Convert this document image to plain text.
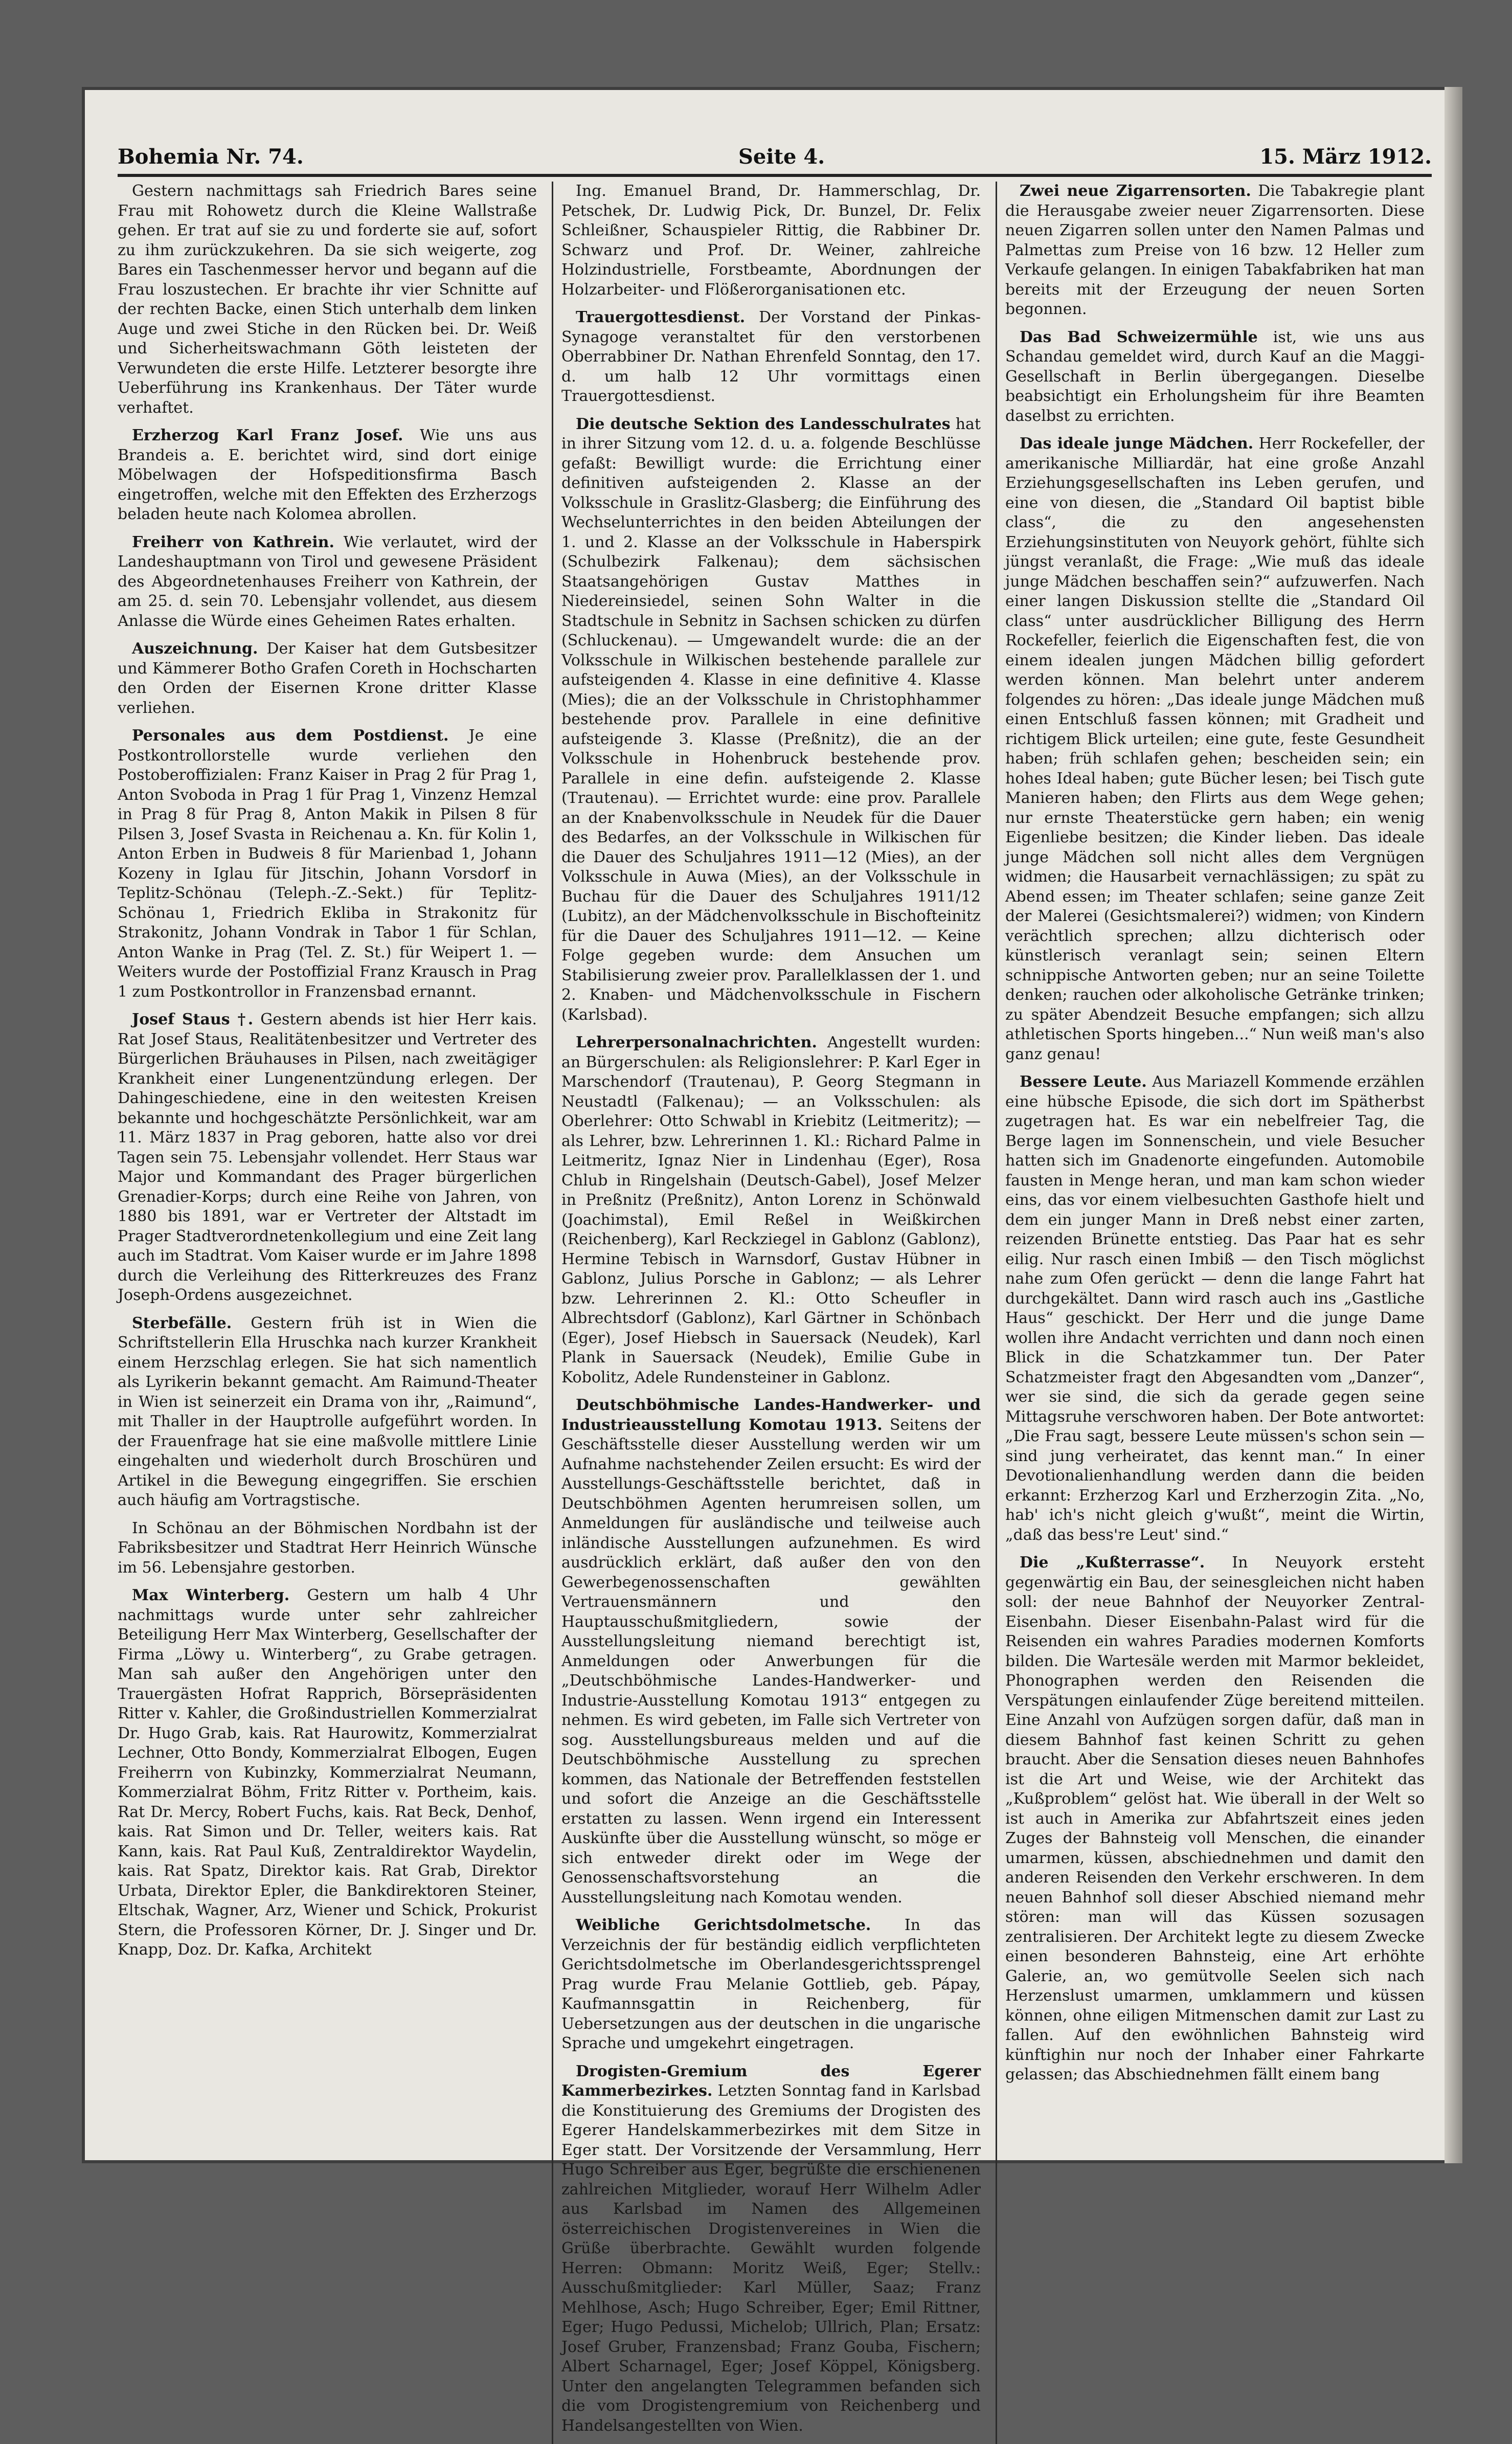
Bohemia Nr. 74.	Seite 4.	15. März 1912.

Gestern nachmittags sah Friedrich Bares seine Frau mit Rohowetz durch die Kleine Wallstraße gehen. Er trat auf sie zu und forderte sie auf, sofort zu ihm zurückzukehren. Da sie sich weigerte, zog Bares ein Taschenmesser hervor und begann auf die Frau loszustechen. Er brachte ihr vier Schnitte auf der rechten Backe, einen Stich unterhalb dem linken Auge und zwei Stiche in den Rücken bei. Dr. Weiß und Sicherheitswachmann Göth leisteten der Verwundeten die erste Hilfe. Letzterer besorgte ihre Ueberführung ins Krankenhaus. Der Täter wurde verhaftet.

Erzherzog Karl Franz Josef. Wie uns aus Brandeis a. E. berichtet wird, sind dort einige Möbelwagen der Hofspeditionsfirma Basch eingetroffen, welche mit den Effekten des Erzherzogs beladen heute nach Kolomea abrollen.

Freiherr von Kathrein. Wie verlautet, wird der Landeshauptmann von Tirol und gewesene Präsident des Abgeordnetenhauses Freiherr von Kathrein, der am 25. d. sein 70. Lebensjahr vollendet, aus diesem Anlasse die Würde eines Geheimen Rates erhalten.

Auszeichnung. Der Kaiser hat dem Gutsbesitzer und Kämmerer Botho Grafen Coreth in Hochscharten den Orden der Eisernen Krone dritter Klasse verliehen.

Personales aus dem Postdienst. Je eine Postkontrollorstelle wurde verliehen den Postoberoffizialen: Franz Kaiser in Prag 2 für Prag 1, Anton Svoboda in Prag 1 für Prag 1, Vinzenz Hemzal in Prag 8 für Prag 8, Anton Makik in Pilsen 8 für Pilsen 3, Josef Svasta in Reichenau a. Kn. für Kolin 1, Anton Erben in Budweis 8 für Marienbad 1, Johann Kozeny in Iglau für Jitschin, Johann Vorsdorf in Teplitz-Schönau (Teleph.-Z.-Sekt.) für Teplitz-Schönau 1, Friedrich Ekliba in Strakonitz für Strakonitz, Johann Vondrak in Tabor 1 für Schlan, Anton Wanke in Prag (Tel. Z. St.) für Weipert 1. — Weiters wurde der Postoffizial Franz Krausch in Prag 1 zum Postkontrollor in Franzensbad ernannt.

Josef Staus †. Gestern abends ist hier Herr kais. Rat Josef Staus, Realitätenbesitzer und Vertreter des Bürgerlichen Bräuhauses in Pilsen, nach zweitägiger Krankheit einer Lungenentzündung erlegen. Der Dahingeschiedene, eine in den weitesten Kreisen bekannte und hochgeschätzte Persönlichkeit, war am 11. März 1837 in Prag geboren, hatte also vor drei Tagen sein 75. Lebensjahr vollendet. Herr Staus war Major und Kommandant des Prager bürgerlichen Grenadier-Korps; durch eine Reihe von Jahren, von 1880 bis 1891, war er Vertreter der Altstadt im Prager Stadtverordnetenkollegium und eine Zeit lang auch im Stadtrat. Vom Kaiser wurde er im Jahre 1898 durch die Verleihung des Ritterkreuzes des Franz Joseph-Ordens ausgezeichnet.

Sterbefälle. Gestern früh ist in Wien die Schriftstellerin Ella Hruschka nach kurzer Krankheit einem Herzschlag erlegen. Sie hat sich namentlich als Lyrikerin bekannt gemacht. Am Raimund-Theater in Wien ist seinerzeit ein Drama von ihr, „Raimund“, mit Thaller in der Hauptrolle aufgeführt worden. In der Frauenfrage hat sie eine maßvolle mittlere Linie eingehalten und wiederholt durch Broschüren und Artikel in die Bewegung eingegriffen. Sie erschien auch häufig am Vortragstische.

In Schönau an der Böhmischen Nordbahn ist der Fabriksbesitzer und Stadtrat Herr Heinrich Wünsche im 56. Lebensjahre gestorben.

Max Winterberg. Gestern um halb 4 Uhr nachmittags wurde unter sehr zahlreicher Beteiligung Herr Max Winterberg, Gesellschafter der Firma „Löwy u. Winterberg“, zu Grabe getragen. Man sah außer den Angehörigen unter den Trauergästen Hofrat Rapprich, Börsepräsidenten Ritter v. Kahler, die Großindustriellen Kommerzialrat Dr. Hugo Grab, kais. Rat Haurowitz, Kommerzialrat Lechner, Otto Bondy, Kommerzialrat Elbogen, Eugen Freiherrn von Kubinzky, Kommerzialrat Neumann, Kommerzialrat Böhm, Fritz Ritter v. Portheim, kais. Rat Dr. Mercy, Robert Fuchs, kais. Rat Beck, Denhof, kais. Rat Simon und Dr. Teller, weiters kais. Rat Kann, kais. Rat Paul Kuß, Zentraldirektor Waydelin, kais. Rat Spatz, Direktor kais. Rat Grab, Direktor Urbata, Direktor Epler, die Bankdirektoren Steiner, Eltschak, Wagner, Arz, Wiener und Schick, Prokurist Stern, die Professoren Körner, Dr. J. Singer und Dr. Knapp, Doz. Dr. Kafka, Architekt

Ing. Emanuel Brand, Dr. Hammerschlag, Dr. Petschek, Dr. Ludwig Pick, Dr. Bunzel, Dr. Felix Schleißner, Schauspieler Rittig, die Rabbiner Dr. Schwarz und Prof. Dr. Weiner, zahlreiche Holzindustrielle, Forstbeamte, Abordnungen der Holzarbeiter- und Flößerorganisationen etc.

Trauergottesdienst. Der Vorstand der Pinkas-Synagoge veranstaltet für den verstorbenen Oberrabbiner Dr. Nathan Ehrenfeld Sonntag, den 17. d. um halb 12 Uhr vormittags einen Trauergottesdienst.

Die deutsche Sektion des Landesschulrates hat in ihrer Sitzung vom 12. d. u. a. folgende Beschlüsse gefaßt: Bewilligt wurde: die Errichtung einer definitiven aufsteigenden 2. Klasse an der Volksschule in Graslitz-Glasberg; die Einführung des Wechselunterrichtes in den beiden Abteilungen der 1. und 2. Klasse an der Volksschule in Haberspirk (Schulbezirk Falkenau); dem sächsischen Staatsangehörigen Gustav Matthes in Niedereinsiedel, seinen Sohn Walter in die Stadtschule in Sebnitz in Sachsen schicken zu dürfen (Schluckenau). — Umgewandelt wurde: die an der Volksschule in Wilkischen bestehende parallele zur aufsteigenden 4. Klasse in eine definitive 4. Klasse (Mies); die an der Volksschule in Christophhammer bestehende prov. Parallele in eine definitive aufsteigende 3. Klasse (Preßnitz), die an der Volksschule in Hohenbruck bestehende prov. Parallele in eine defin. aufsteigende 2. Klasse (Trautenau). — Errichtet wurde: eine prov. Parallele an der Knabenvolksschule in Neudek für die Dauer des Bedarfes, an der Volksschule in Wilkischen für die Dauer des Schuljahres 1911—12 (Mies), an der Volksschule in Auwa (Mies), an der Volksschule in Buchau für die Dauer des Schuljahres 1911/12 (Lubitz), an der Mädchenvolksschule in Bischofteinitz für die Dauer des Schuljahres 1911—12. — Keine Folge gegeben wurde: dem Ansuchen um Stabilisierung zweier prov. Parallelklassen der 1. und 2. Knaben- und Mädchenvolksschule in Fischern (Karlsbad).

Lehrerpersonalnachrichten. Angestellt wurden: an Bürgerschulen: als Religionslehrer: P. Karl Eger in Marschendorf (Trautenau), P. Georg Stegmann in Neustadtl (Falkenau); — an Volksschulen: als Oberlehrer: Otto Schwabl in Kriebitz (Leitmeritz); — als Lehrer, bzw. Lehrerinnen 1. Kl.: Richard Palme in Leitmeritz, Ignaz Nier in Lindenhau (Eger), Rosa Chlub in Ringelshain (Deutsch-Gabel), Josef Melzer in Preßnitz (Preßnitz), Anton Lorenz in Schönwald (Joachimstal), Emil Reßel in Weißkirchen (Reichenberg), Karl Reckziegel in Gablonz (Gablonz), Hermine Tebisch in Warnsdorf, Gustav Hübner in Gablonz, Julius Porsche in Gablonz; — als Lehrer bzw. Lehrerinnen 2. Kl.: Otto Scheufler in Albrechtsdorf (Gablonz), Karl Gärtner in Schönbach (Eger), Josef Hiebsch in Sauersack (Neudek), Karl Plank in Sauersack (Neudek), Emilie Gube in Kobolitz, Adele Rundensteiner in Gablonz.

Deutschböhmische Landes-Handwerker- und Industrieausstellung Komotau 1913. Seitens der Geschäftsstelle dieser Ausstellung werden wir um Aufnahme nachstehender Zeilen ersucht: Es wird der Ausstellungs-Geschäftsstelle berichtet, daß in Deutschböhmen Agenten herumreisen sollen, um Anmeldungen für ausländische und teilweise auch inländische Ausstellungen aufzunehmen. Es wird ausdrücklich erklärt, daß außer den von den Gewerbegenossenschaften gewählten Vertrauensmännern und den Hauptausschußmitgliedern, sowie der Ausstellungsleitung niemand berechtigt ist, Anmeldungen oder Anwerbungen für die „Deutschböhmische Landes-Handwerker- und Industrie-Ausstellung Komotau 1913“ entgegen zu nehmen. Es wird gebeten, im Falle sich Vertreter von sog. Ausstellungsbureaus melden und auf die Deutschböhmische Ausstellung zu sprechen kommen, das Nationale der Betreffenden feststellen und sofort die Anzeige an die Geschäftsstelle erstatten zu lassen. Wenn irgend ein Interessent Auskünfte über die Ausstellung wünscht, so möge er sich entweder direkt oder im Wege der Genossenschaftsvorstehung an die Ausstellungsleitung nach Komotau wenden.

Weibliche Gerichtsdolmetsche. In das Verzeichnis der für beständig eidlich verpflichteten Gerichtsdolmetsche im Oberlandesgerichtssprengel Prag wurde Frau Melanie Gottlieb, geb. Pápay, Kaufmannsgattin in Reichenberg, für Uebersetzungen aus der deutschen in die ungarische Sprache und umgekehrt eingetragen.

Drogisten-Gremium des Egerer Kammerbezirkes. Letzten Sonntag fand in Karlsbad die Konstituierung des Gremiums der Drogisten des Egerer Handelskammerbezirkes mit dem Sitze in Eger statt. Der Vorsitzende der Versammlung, Herr Hugo Schreiber aus Eger, begrüßte die erschienenen zahlreichen Mitglieder, worauf Herr Wilhelm Adler aus Karlsbad im Namen des Allgemeinen österreichischen Drogistenvereines in Wien die Grüße überbrachte. Gewählt wurden folgende Herren: Obmann: Moritz Weiß, Eger; Stellv.: Ausschußmitglieder: Karl Müller, Saaz; Franz Mehlhose, Asch; Hugo Schreiber, Eger; Emil Rittner, Eger; Hugo Pedussi, Michelob; Ullrich, Plan; Ersatz: Josef Gruber, Franzensbad; Franz Gouba, Fischern; Albert Scharnagel, Eger; Josef Köppel, Königsberg. Unter den angelangten Telegrammen befanden sich die vom Drogistengremium von Reichenberg und Handelsangestellten von Wien.

Zwei neue Zigarrensorten. Die Tabakregie plant die Herausgabe zweier neuer Zigarrensorten. Diese neuen Zigarren sollen unter den Namen Palmas und Palmettas zum Preise von 16 bzw. 12 Heller zum Verkaufe gelangen. In einigen Tabakfabriken hat man bereits mit der Erzeugung der neuen Sorten begonnen.

Das Bad Schweizermühle ist, wie uns aus Schandau gemeldet wird, durch Kauf an die Maggi-Gesellschaft in Berlin übergegangen. Dieselbe beabsichtigt ein Erholungsheim für ihre Beamten daselbst zu errichten.

Das ideale junge Mädchen. Herr Rockefeller, der amerikanische Milliardär, hat eine große Anzahl Erziehungsgesellschaften ins Leben gerufen, und eine von diesen, die „Standard Oil baptist bible class“, die zu den angesehensten Erziehungsinstituten von Neuyork gehört, fühlte sich jüngst veranlaßt, die Frage: „Wie muß das ideale junge Mädchen beschaffen sein?“ aufzuwerfen. Nach einer langen Diskussion stellte die „Standard Oil class“ unter ausdrücklicher Billigung des Herrn Rockefeller, feierlich die Eigenschaften fest, die von einem idealen jungen Mädchen billig gefordert werden können. Man belehrt unter anderem folgendes zu hören: „Das ideale junge Mädchen muß einen Entschluß fassen können; mit Gradheit und richtigem Blick urteilen; eine gute, feste Gesundheit haben; früh schlafen gehen; bescheiden sein; ein hohes Ideal haben; gute Bücher lesen; bei Tisch gute Manieren haben; den Flirts aus dem Wege gehen; nur ernste Theaterstücke gern haben; ein wenig Eigenliebe besitzen; die Kinder lieben. Das ideale junge Mädchen soll nicht alles dem Vergnügen widmen; die Hausarbeit vernachlässigen; zu spät zu Abend essen; im Theater schlafen; seine ganze Zeit der Malerei (Gesichtsmalerei?) widmen; von Kindern verächtlich sprechen; allzu dichterisch oder künstlerisch veranlagt sein; seinen Eltern schnippische Antworten geben; nur an seine Toilette denken; rauchen oder alkoholische Getränke trinken; zu später Abendzeit Besuche empfangen; sich allzu athletischen Sports hingeben...“ Nun weiß man's also ganz genau!

Bessere Leute. Aus Mariazell Kommende erzählen eine hübsche Episode, die sich dort im Spätherbst zugetragen hat. Es war ein nebelfreier Tag, die Berge lagen im Sonnenschein, und viele Besucher hatten sich im Gnadenorte eingefunden. Automobile fausten in Menge heran, und man kam schon wieder eins, das vor einem vielbesuchten Gasthofe hielt und dem ein junger Mann in Dreß nebst einer zarten, reizenden Brünette entstieg. Das Paar hat es sehr eilig. Nur rasch einen Imbiß — den Tisch möglichst nahe zum Ofen gerückt — denn die lange Fahrt hat durchgekältet. Dann wird rasch auch ins „Gastliche Haus“ geschickt. Der Herr und die junge Dame wollen ihre Andacht verrichten und dann noch einen Blick in die Schatzkammer tun. Der Pater Schatzmeister fragt den Abgesandten vom „Danzer“, wer sie sind, die sich da gerade gegen seine Mittagsruhe verschworen haben. Der Bote antwortet: „Die Frau sagt, bessere Leute müssen's schon sein — sind jung verheiratet, das kennt man.“ In einer Devotionalienhandlung werden dann die beiden erkannt: Erzherzog Karl und Erzherzogin Zita. „No, hab' ich's nicht gleich g'wußt“, meint die Wirtin, „daß das bess're Leut' sind.“

Die „Kußterrasse“. In Neuyork ersteht gegenwärtig ein Bau, der seinesgleichen nicht haben soll: der neue Bahnhof der Neuyorker Zentral-Eisenbahn. Dieser Eisenbahn-Palast wird für die Reisenden ein wahres Paradies modernen Komforts bilden. Die Wartesäle werden mit Marmor bekleidet, Phonographen werden den Reisenden die Verspätungen einlaufender Züge bereitend mitteilen. Eine Anzahl von Aufzügen sorgen dafür, daß man in diesem Bahnhof fast keinen Schritt zu gehen braucht. Aber die Sensation dieses neuen Bahnhofes ist die Art und Weise, wie der Architekt das „Kußproblem“ gelöst hat. Wie überall in der Welt so ist auch in Amerika zur Abfahrtszeit eines jeden Zuges der Bahnsteig voll Menschen, die einander umarmen, küssen, abschiednehmen und damit den anderen Reisenden den Verkehr erschweren. In dem neuen Bahnhof soll dieser Abschied niemand mehr stören: man will das Küssen sozusagen zentralisieren. Der Architekt legte zu diesem Zwecke einen besonderen Bahnsteig, eine Art erhöhte Galerie, an, wo gemütvolle Seelen sich nach Herzenslust umarmen, umklammern und küssen können, ohne eiligen Mitmenschen damit zur Last zu fallen. Auf den ewöhnlichen Bahnsteig wird künftighin nur noch der Inhaber einer Fahrkarte gelassen; das Abschiednehmen fällt einem bang
